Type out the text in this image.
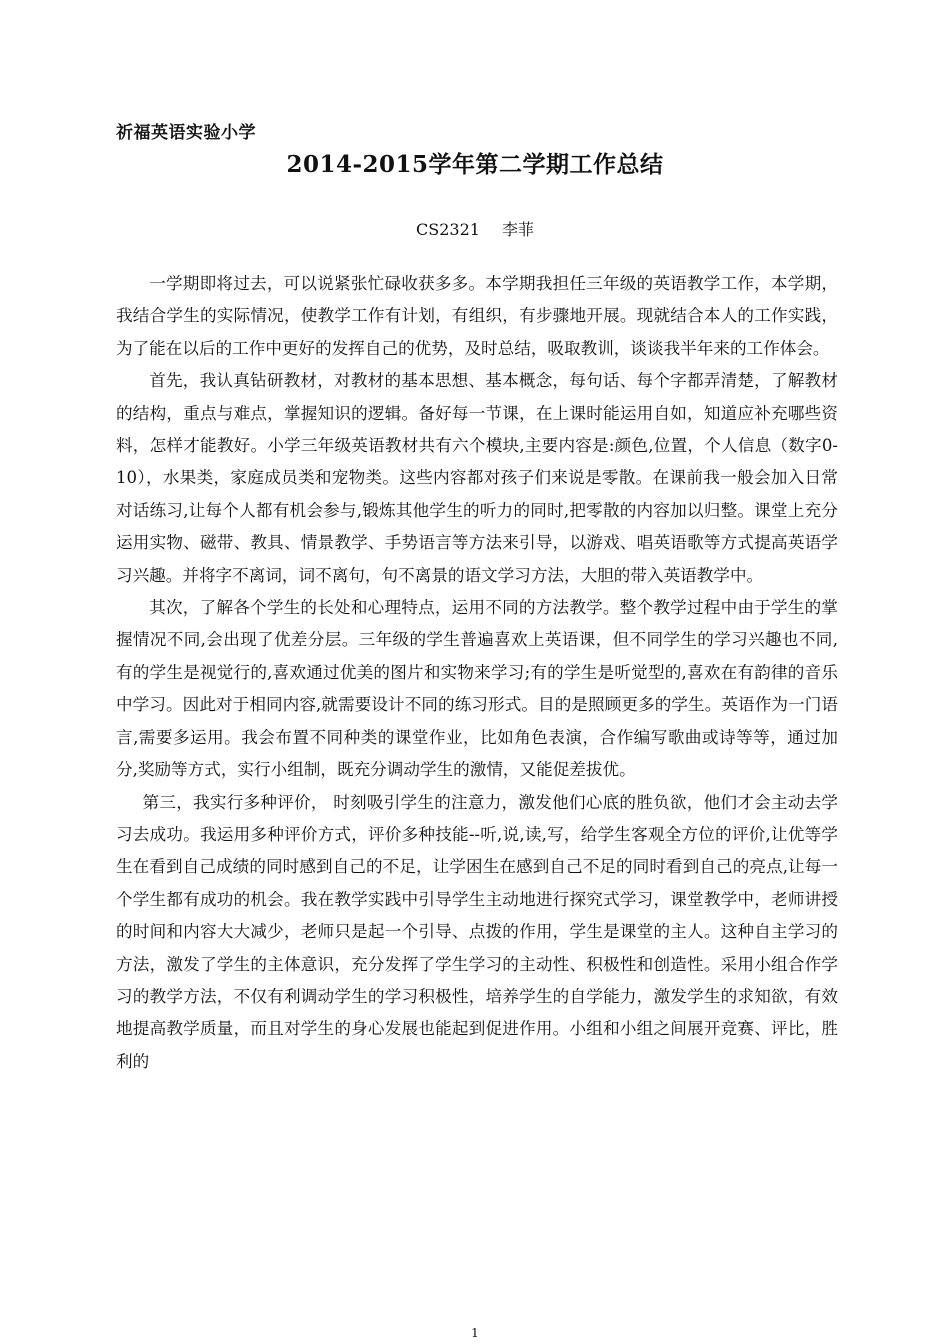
祈福英语实验小学
2014-2015学年第二学期工作总结
CS2321 李菲

一学期即将过去，可以说紧张忙碌收获多多。本学期我担任三年级的英语教学工作，本学期，我结合学生的实际情况，使教学工作有计划，有组织，有步骤地开展。现就结合本人的工作实践，为了能在以后的工作中更好的发挥自己的优势，及时总结，吸取教训，谈谈我半年来的工作体会。

首先，我认真钻研教材，对教材的基本思想、基本概念，每句话、每个字都弄清楚，了解教材的结构，重点与难点，掌握知识的逻辑。备好每一节课，在上课时能运用自如，知道应补充哪些资料，怎样才能教好。小学三年级英语教材共有六个模块,主要内容是:颜色,位置，个人信息（数字0-10），水果类，家庭成员类和宠物类。这些内容都对孩子们来说是零散。在课前我一般会加入日常对话练习,让每个人都有机会参与,锻炼其他学生的听力的同时,把零散的内容加以归整。课堂上充分运用实物、磁带、教具、情景教学、手势语言等方法来引导，以游戏、唱英语歌等方式提高英语学习兴趣。并将字不离词，词不离句，句不离景的语文学习方法，大胆的带入英语教学中。

其次，了解各个学生的长处和心理特点，运用不同的方法教学。整个教学过程中由于学生的掌握情况不同,会出现了优差分层。三年级的学生普遍喜欢上英语课，但不同学生的学习兴趣也不同,有的学生是视觉行的,喜欢通过优美的图片和实物来学习;有的学生是听觉型的,喜欢在有韵律的音乐中学习。因此对于相同内容,就需要设计不同的练习形式。目的是照顾更多的学生。英语作为一门语言,需要多运用。我会布置不同种类的课堂作业，比如角色表演，合作编写歌曲或诗等等，通过加分,奖励等方式，实行小组制，既充分调动学生的激情，又能促差拔优。

第三，我实行多种评价， 时刻吸引学生的注意力，激发他们心底的胜负欲，他们才会主动去学习去成功。我运用多种评价方式，评价多种技能--听,说,读,写，给学生客观全方位的评价,让优等学生在看到自己成绩的同时感到自己的不足，让学困生在感到自己不足的同时看到自己的亮点,让每一个学生都有成功的机会。我在教学实践中引导学生主动地进行探究式学习，课堂教学中，老师讲授的时间和内容大大减少，老师只是起一个引导、点拨的作用，学生是课堂的主人。这种自主学习的方法，激发了学生的主体意识，充分发挥了学生学习的主动性、积极性和创造性。采用小组合作学习的教学方法，不仅有利调动学生的学习积极性，培养学生的自学能力，激发学生的求知欲，有效地提高教学质量，而且对学生的身心发展也能起到促进作用。小组和小组之间展开竞赛、评比，胜利的

1
